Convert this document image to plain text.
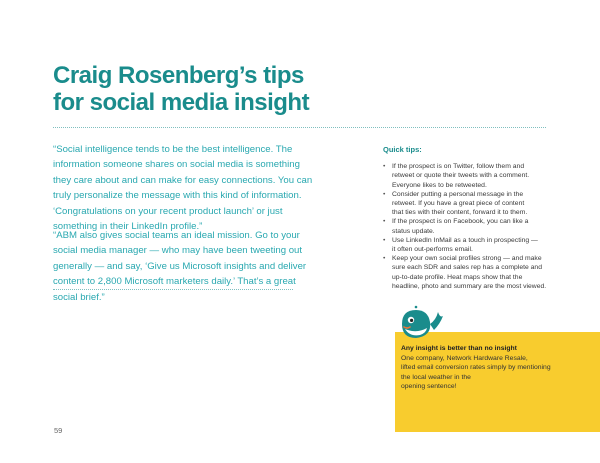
Craig Rosenberg’s tips
for social media insight

“Social intelligence tends to be the best intelligence. The
information someone shares on social media is something
they care about and can make for easy connections. You can
truly personalize the message with this kind of information.
‘Congratulations on your recent product launch’ or just
something in their LinkedIn profile.”

“ABM also gives social teams an ideal mission. Go to your
social media manager — who may have been tweeting out
generally — and say, ‘Give us Microsoft insights and deliver
content to 2,800 Microsoft marketers daily.’ That’s a great
social brief.”

Quick tips:
• If the prospect is on Twitter, follow them and
retweet or quote their tweets with a comment.
Everyone likes to be retweeted.
• Consider putting a personal message in the
retweet. If you have a great piece of content
that ties with their content, forward it to them.
• If the prospect is on Facebook, you can like a
status update.
• Use LinkedIn InMail as a touch in prospecting —
it often out-performs email.
• Keep your own social profiles strong — and make
sure each SDR and sales rep has a complete and
up-to-date profile. Heat maps show that the
headline, photo and summary are the most viewed.
Any insight is better than no insight
One company, Network Hardware Resale,
lifted email conversion rates simply by mentioning
the local weather in the
opening sentence!
59
